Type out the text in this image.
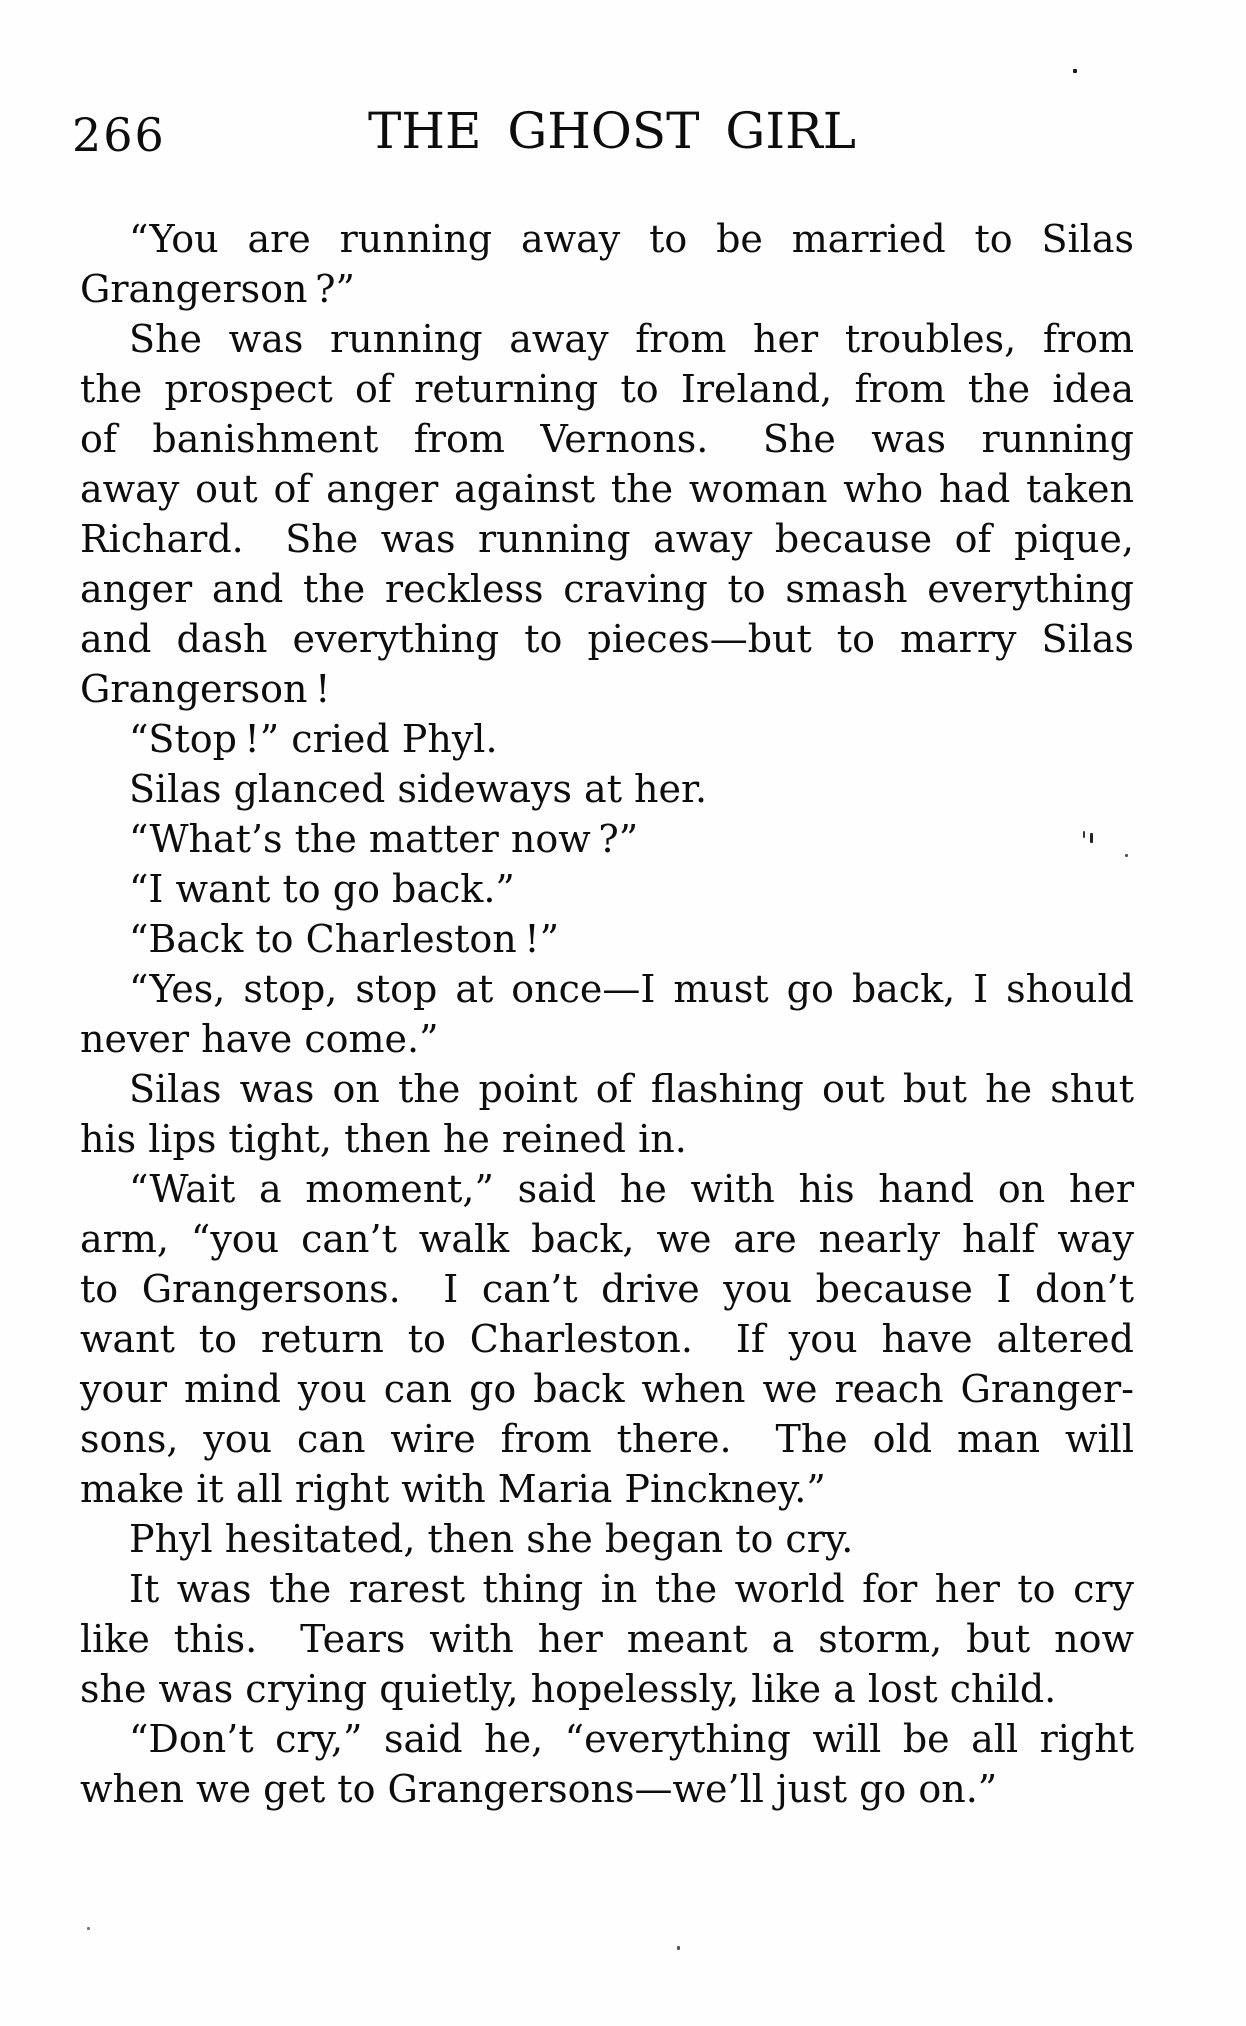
266	THE GHOST GIRL
“You are running away to be married to Silas
Grangerson ?”
She was running away from her troubles, from
the prospect of returning to Ireland, from the idea
of banishment from Vernons.  She was running
away out of anger against the woman who had taken
Richard.  She was running away because of pique,
anger and the reckless craving to smash everything
and dash everything to pieces—but to marry Silas
Grangerson !
“Stop !” cried Phyl.
Silas glanced sideways at her.
“What’s the matter now ?”
“I want to go back.”
“Back to Charleston !”
“Yes, stop, stop at once—I must go back, I should
never have come.”
Silas was on the point of flashing out but he shut
his lips tight, then he reined in.
“Wait a moment,” said he with his hand on her
arm, “you can’t walk back, we are nearly half way
to Grangersons.  I can’t drive you because I don’t
want to return to Charleston.  If you have altered
your mind you can go back when we reach Granger-
sons, you can wire from there.  The old man will
make it all right with Maria Pinckney.”
Phyl hesitated, then she began to cry.
It was the rarest thing in the world for her to cry
like this.  Tears with her meant a storm, but now
she was crying quietly, hopelessly, like a lost child.
“Don’t cry,” said he, “everything will be all right
when we get to Grangersons—we’ll just go on.”
